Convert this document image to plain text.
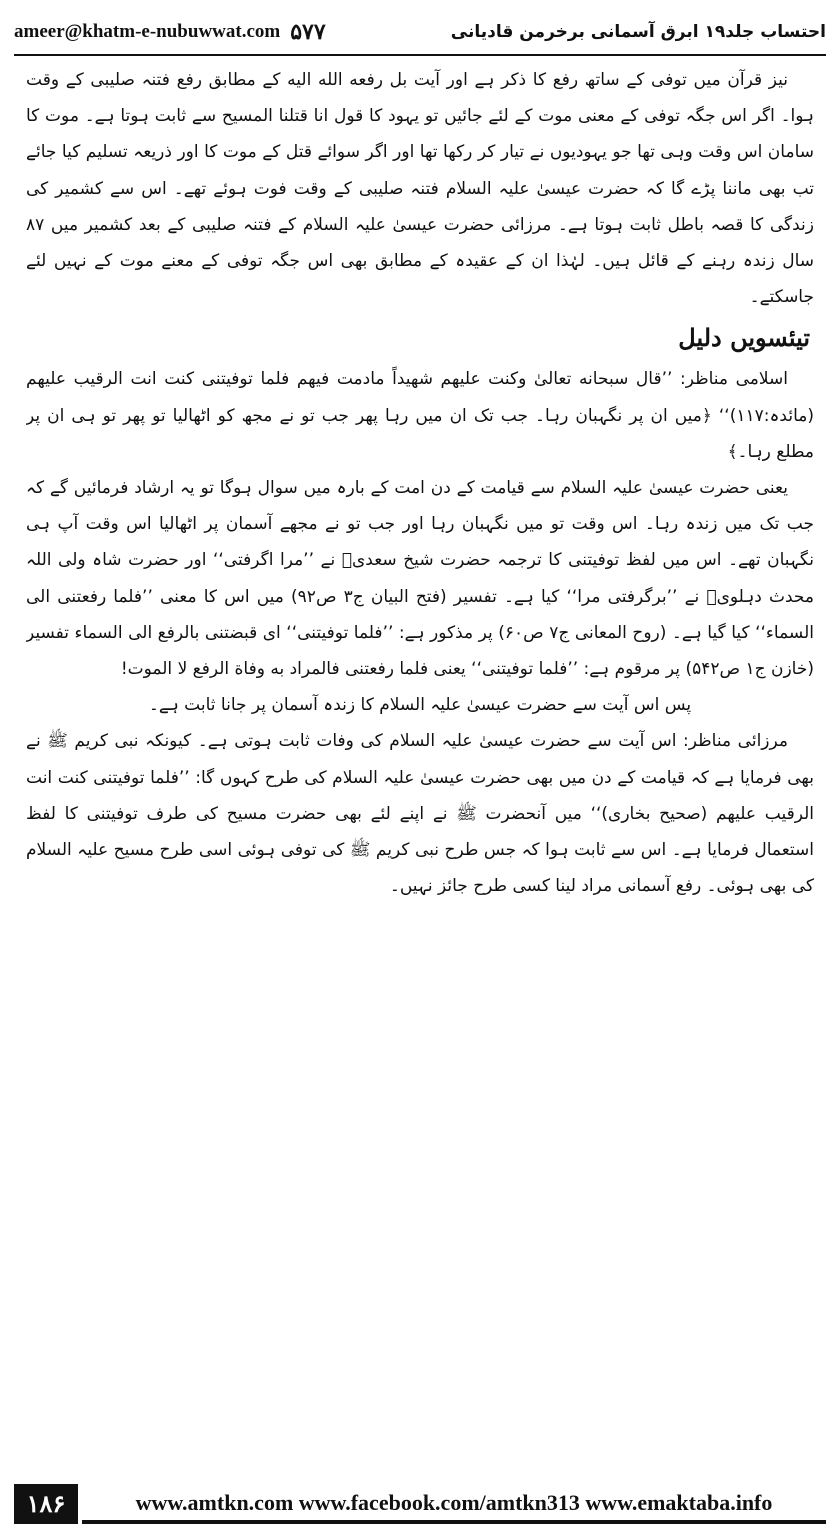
ameer@khatm-e-nubuwwat.com ۵۷۷	احتساب جلد۱۹ ابرق آسمانی برخرمن قادیانی

نیز قرآن میں توفی کے ساتھ رفع کا ذکر ہے اور آیت بل رفعه الله الیه کے مطابق رفع فتنہ صلیبی کے وقت ہوا۔ اگر اس جگہ توفی کے معنی موت کے لئے جائیں تو یہود کا قول انا قتلنا المسیح سے ثابت ہوتا ہے۔ موت کا سامان اس وقت وہی تھا جو یہودیوں نے تیار کر رکھا تھا اور اگر سوائے قتل کے موت کا اور ذریعہ تسلیم کیا جائے تب بھی ماننا پڑے گا کہ حضرت عیسیٰ علیہ السلام فتنہ صلیبی کے وقت فوت ہوئے تھے۔ اس سے کشمیر کی زندگی کا قصہ باطل ثابت ہوتا ہے۔ مرزائی حضرت عیسیٰ علیہ السلام کے فتنہ صلیبی کے بعد کشمیر میں ۸۷ سال زندہ رہنے کے قائل ہیں۔ لہٰذا ان کے عقیدہ کے مطابق بھی اس جگہ توفی کے معنے موت کے نہیں لئے جاسکتے۔

تیئسویں دلیل

اسلامی مناظر: ’’قال سبحانه تعالیٰ وکنت علیهم شهیداً مادمت فیهم فلما توفیتنی کنت انت الرقیب علیهم (مائدہ:۱۱۷)‘‘ ﴿میں ان پر نگہبان رہا۔ جب تک ان میں رہا پھر جب تو نے مجھ کو اٹھالیا تو پھر تو ہی ان پر مطلع رہا۔﴾

یعنی حضرت عیسیٰ علیہ السلام سے قیامت کے دن امت کے بارہ میں سوال ہوگا تو یہ ارشاد فرمائیں گے کہ جب تک میں زندہ رہا۔ اس وقت تو میں نگہبان رہا اور جب تو نے مجھے آسمان پر اٹھالیا اس وقت آپ ہی نگہبان تھے۔ اس میں لفظ توفیتنی کا ترجمہ حضرت شیخ سعدیؒ نے ’’مرا اگرفتی‘‘ اور حضرت شاہ ولی اللہ محدث دہلویؒ نے ’’برگرفتی مرا‘‘ کیا ہے۔ تفسیر (فتح البیان ج۳ ص۹۲) میں اس کا معنی ’’فلما رفعتنی الی السماء‘‘ کیا گیا ہے۔ (روح المعانی ج۷ ص۶۰) پر مذکور ہے: ’’فلما توفیتنی‘‘ ای قبضتنی بالرفع الی السماء تفسیر (خازن ج۱ ص۵۴۲) پر مرقوم ہے: ’’فلما توفیتنی‘‘ یعنی فلما رفعتنی فالمراد به وفاة الرفع لا الموت!

پس اس آیت سے حضرت عیسیٰ علیہ السلام کا زندہ آسمان پر جانا ثابت ہے۔

مرزائی مناظر: اس آیت سے حضرت عیسیٰ علیہ السلام کی وفات ثابت ہوتی ہے۔ کیونکہ نبی کریم ﷺ نے بھی فرمایا ہے کہ قیامت کے دن میں بھی حضرت عیسیٰ علیہ السلام کی طرح کہوں گا: ’’فلما توفیتنی کنت انت الرقیب علیهم (صحیح بخاری)‘‘ میں آنحضرت ﷺ نے اپنے لئے بھی حضرت مسیح کی طرف توفیتنی کا لفظ استعمال فرمایا ہے۔ اس سے ثابت ہوا کہ جس طرح نبی کریم ﷺ کی توفی ہوئی اسی طرح مسیح علیہ السلام کی بھی ہوئی۔ رفع آسمانی مراد لینا کسی طرح جائز نہیں۔

۱۸۶	www.amtkn.com www.facebook.com/amtkn313 www.emaktaba.info
